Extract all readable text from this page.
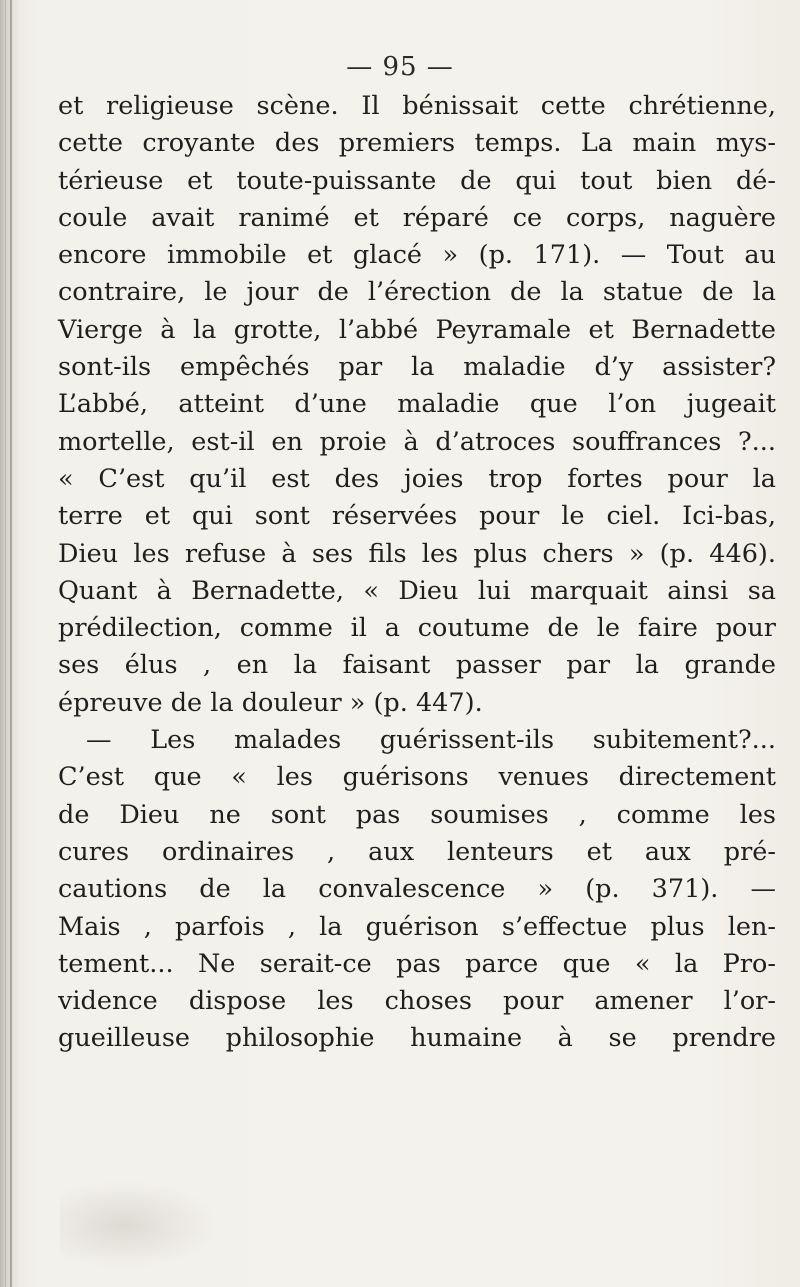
— 95 —
et religieuse scène. Il bénissait cette chrétienne,
cette croyante des premiers temps. La main mys-
térieuse et toute-puissante de qui tout bien dé-
coule avait ranimé et réparé ce corps, naguère
encore immobile et glacé » (p. 171). — Tout au
contraire, le jour de l’érection de la statue de la
Vierge à la grotte, l’abbé Peyramale et Bernadette
sont-ils empêchés par la maladie d’y assister?
L’abbé, atteint d’une maladie que l’on jugeait
mortelle, est-il en proie à d’atroces souffrances ?...
« C’est qu’il est des joies trop fortes pour la
terre et qui sont réservées pour le ciel. Ici-bas,
Dieu les refuse à ses fils les plus chers » (p. 446).
Quant à Bernadette, « Dieu lui marquait ainsi sa
prédilection, comme il a coutume de le faire pour
ses élus , en la faisant passer par la grande
épreuve de la douleur » (p. 447).
— Les malades guérissent-ils subitement?...
C’est que « les guérisons venues directement
de Dieu ne sont pas soumises , comme les
cures ordinaires , aux lenteurs et aux pré-
cautions de la convalescence » (p. 371). —
Mais , parfois , la guérison s’effectue plus len-
tement... Ne serait-ce pas parce que « la Pro-
vidence dispose les choses pour amener l’or-
gueilleuse philosophie humaine à se prendre
